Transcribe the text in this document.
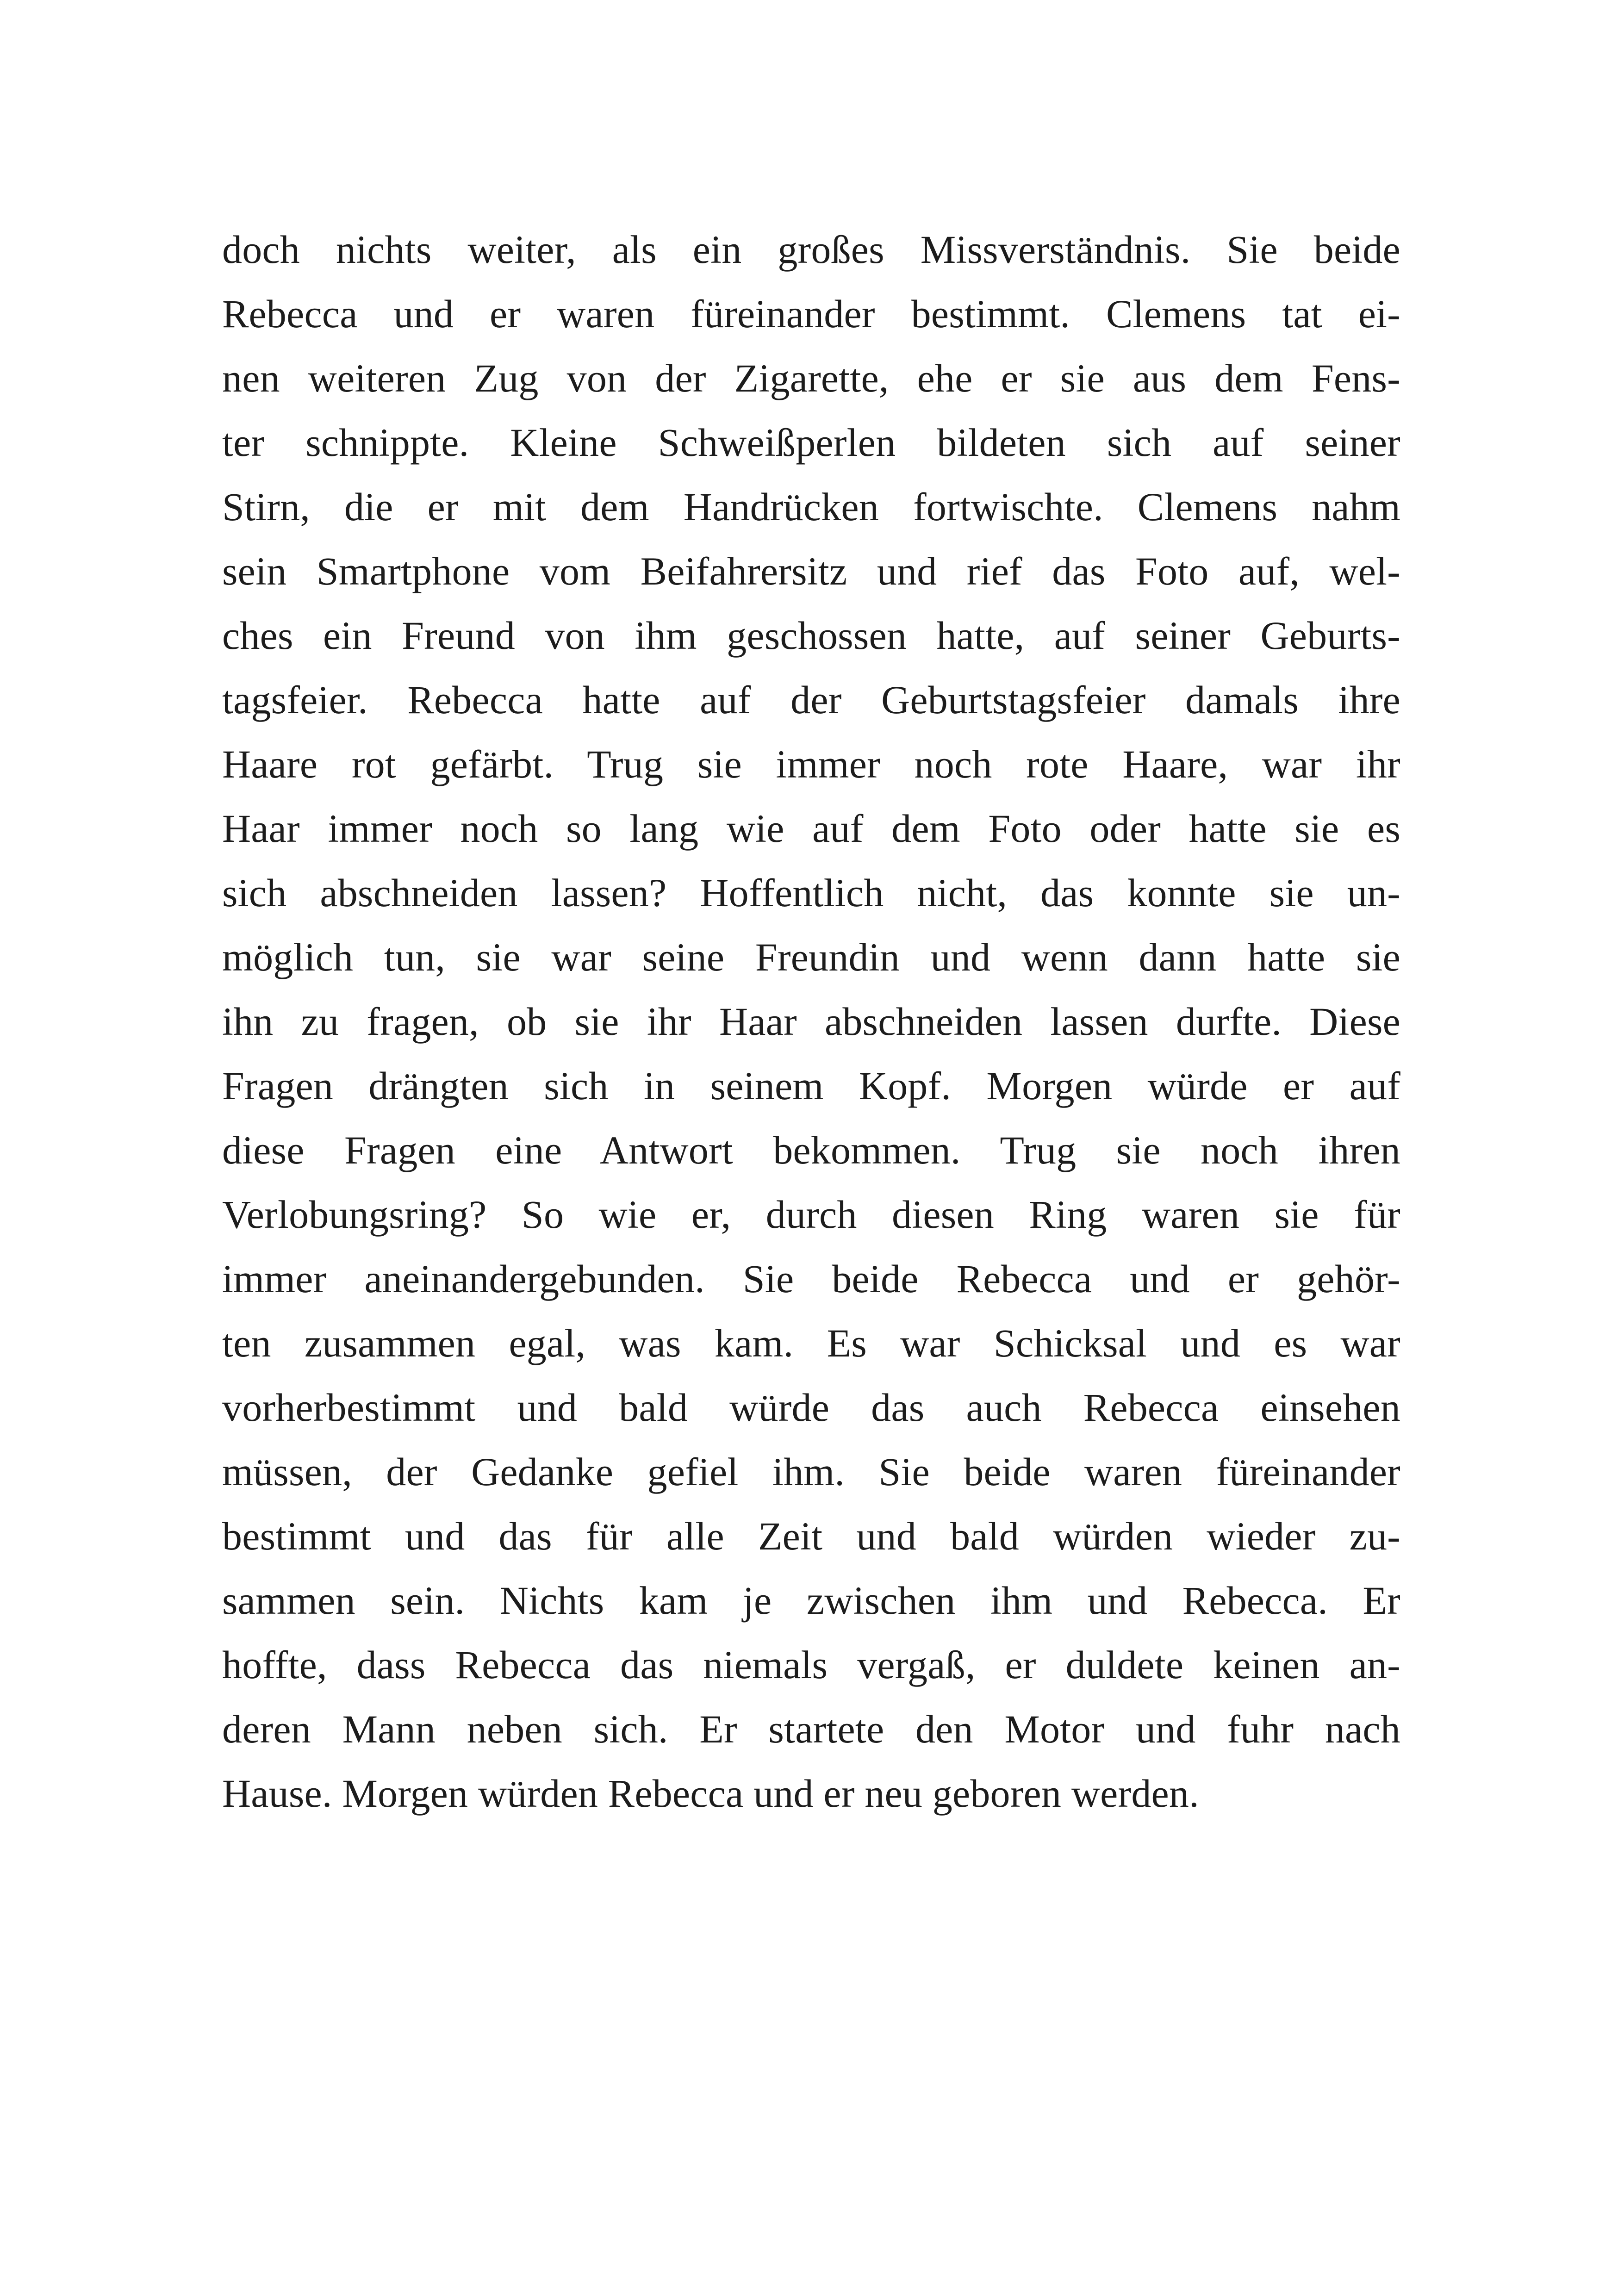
doch nichts weiter, als ein großes Missverständnis. Sie beide
Rebecca und er waren füreinander bestimmt. Clemens tat ei-
nen weiteren Zug von der Zigarette, ehe er sie aus dem Fens-
ter schnippte. Kleine Schweißperlen bildeten sich auf seiner
Stirn, die er mit dem Handrücken fortwischte. Clemens nahm
sein Smartphone vom Beifahrersitz und rief das Foto auf, wel-
ches ein Freund von ihm geschossen hatte, auf seiner Geburts-
tagsfeier. Rebecca hatte auf der Geburtstagsfeier damals ihre
Haare rot gefärbt. Trug sie immer noch rote Haare, war ihr
Haar immer noch so lang wie auf dem Foto oder hatte sie es
sich abschneiden lassen? Hoffentlich nicht, das konnte sie un-
möglich tun, sie war seine Freundin und wenn dann hatte sie
ihn zu fragen, ob sie ihr Haar abschneiden lassen durfte. Diese
Fragen drängten sich in seinem Kopf. Morgen würde er auf
diese Fragen eine Antwort bekommen. Trug sie noch ihren
Verlobungsring? So wie er, durch diesen Ring waren sie für
immer aneinandergebunden. Sie beide Rebecca und er gehör-
ten zusammen egal, was kam. Es war Schicksal und es war
vorherbestimmt und bald würde das auch Rebecca einsehen
müssen, der Gedanke gefiel ihm. Sie beide waren füreinander
bestimmt und das für alle Zeit und bald würden wieder zu-
sammen sein. Nichts kam je zwischen ihm und Rebecca. Er
hoffte, dass Rebecca das niemals vergaß, er duldete keinen an-
deren Mann neben sich. Er startete den Motor und fuhr nach
Hause. Morgen würden Rebecca und er neu geboren werden.
